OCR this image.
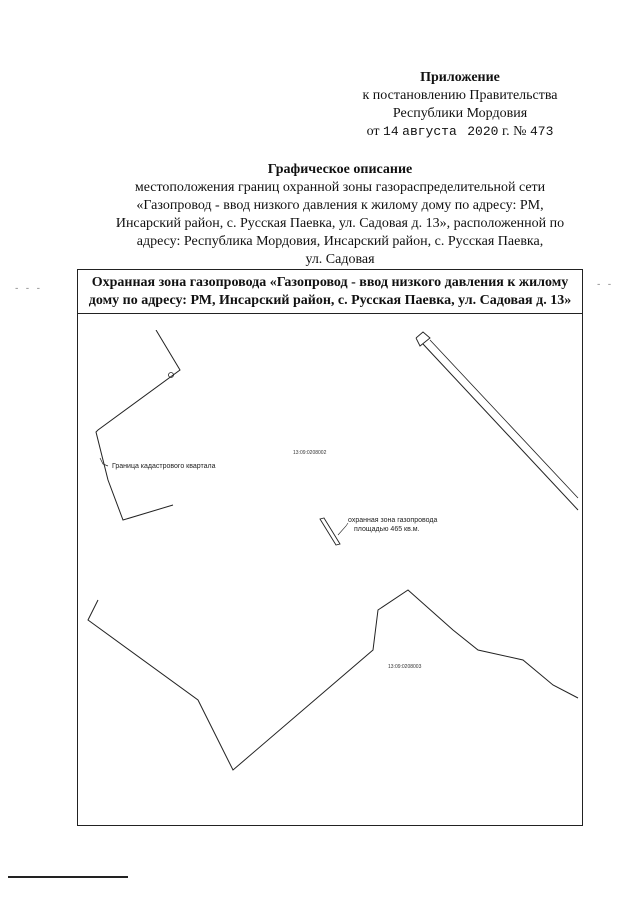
Приложение
к постановлению Правительства
Республики Мордовия
от 14 августа 2020 г. № 473
Графическое описание
местоположения границ охранной зоны газораспределительной сети
«Газопровод - ввод низкого давления к жилому дому по адресу: РМ,
Инсарский район, с. Русская Паевка, ул. Садовая д. 13», расположенной по
адресу: Республика Мордовия, Инсарский район, с. Русская Паевка,
ул. Садовая
- - -	- -
Охранная зона газопровода «Газопровод - ввод низкого давления к жилому дому по адресу: РМ, Инсарский район, с. Русская Паевка, ул. Садовая д. 13»
Граница кадастрового квартала
13:09:0208002
охранная зона газопровода
площадью 465 кв.м.
13:09:0208003
